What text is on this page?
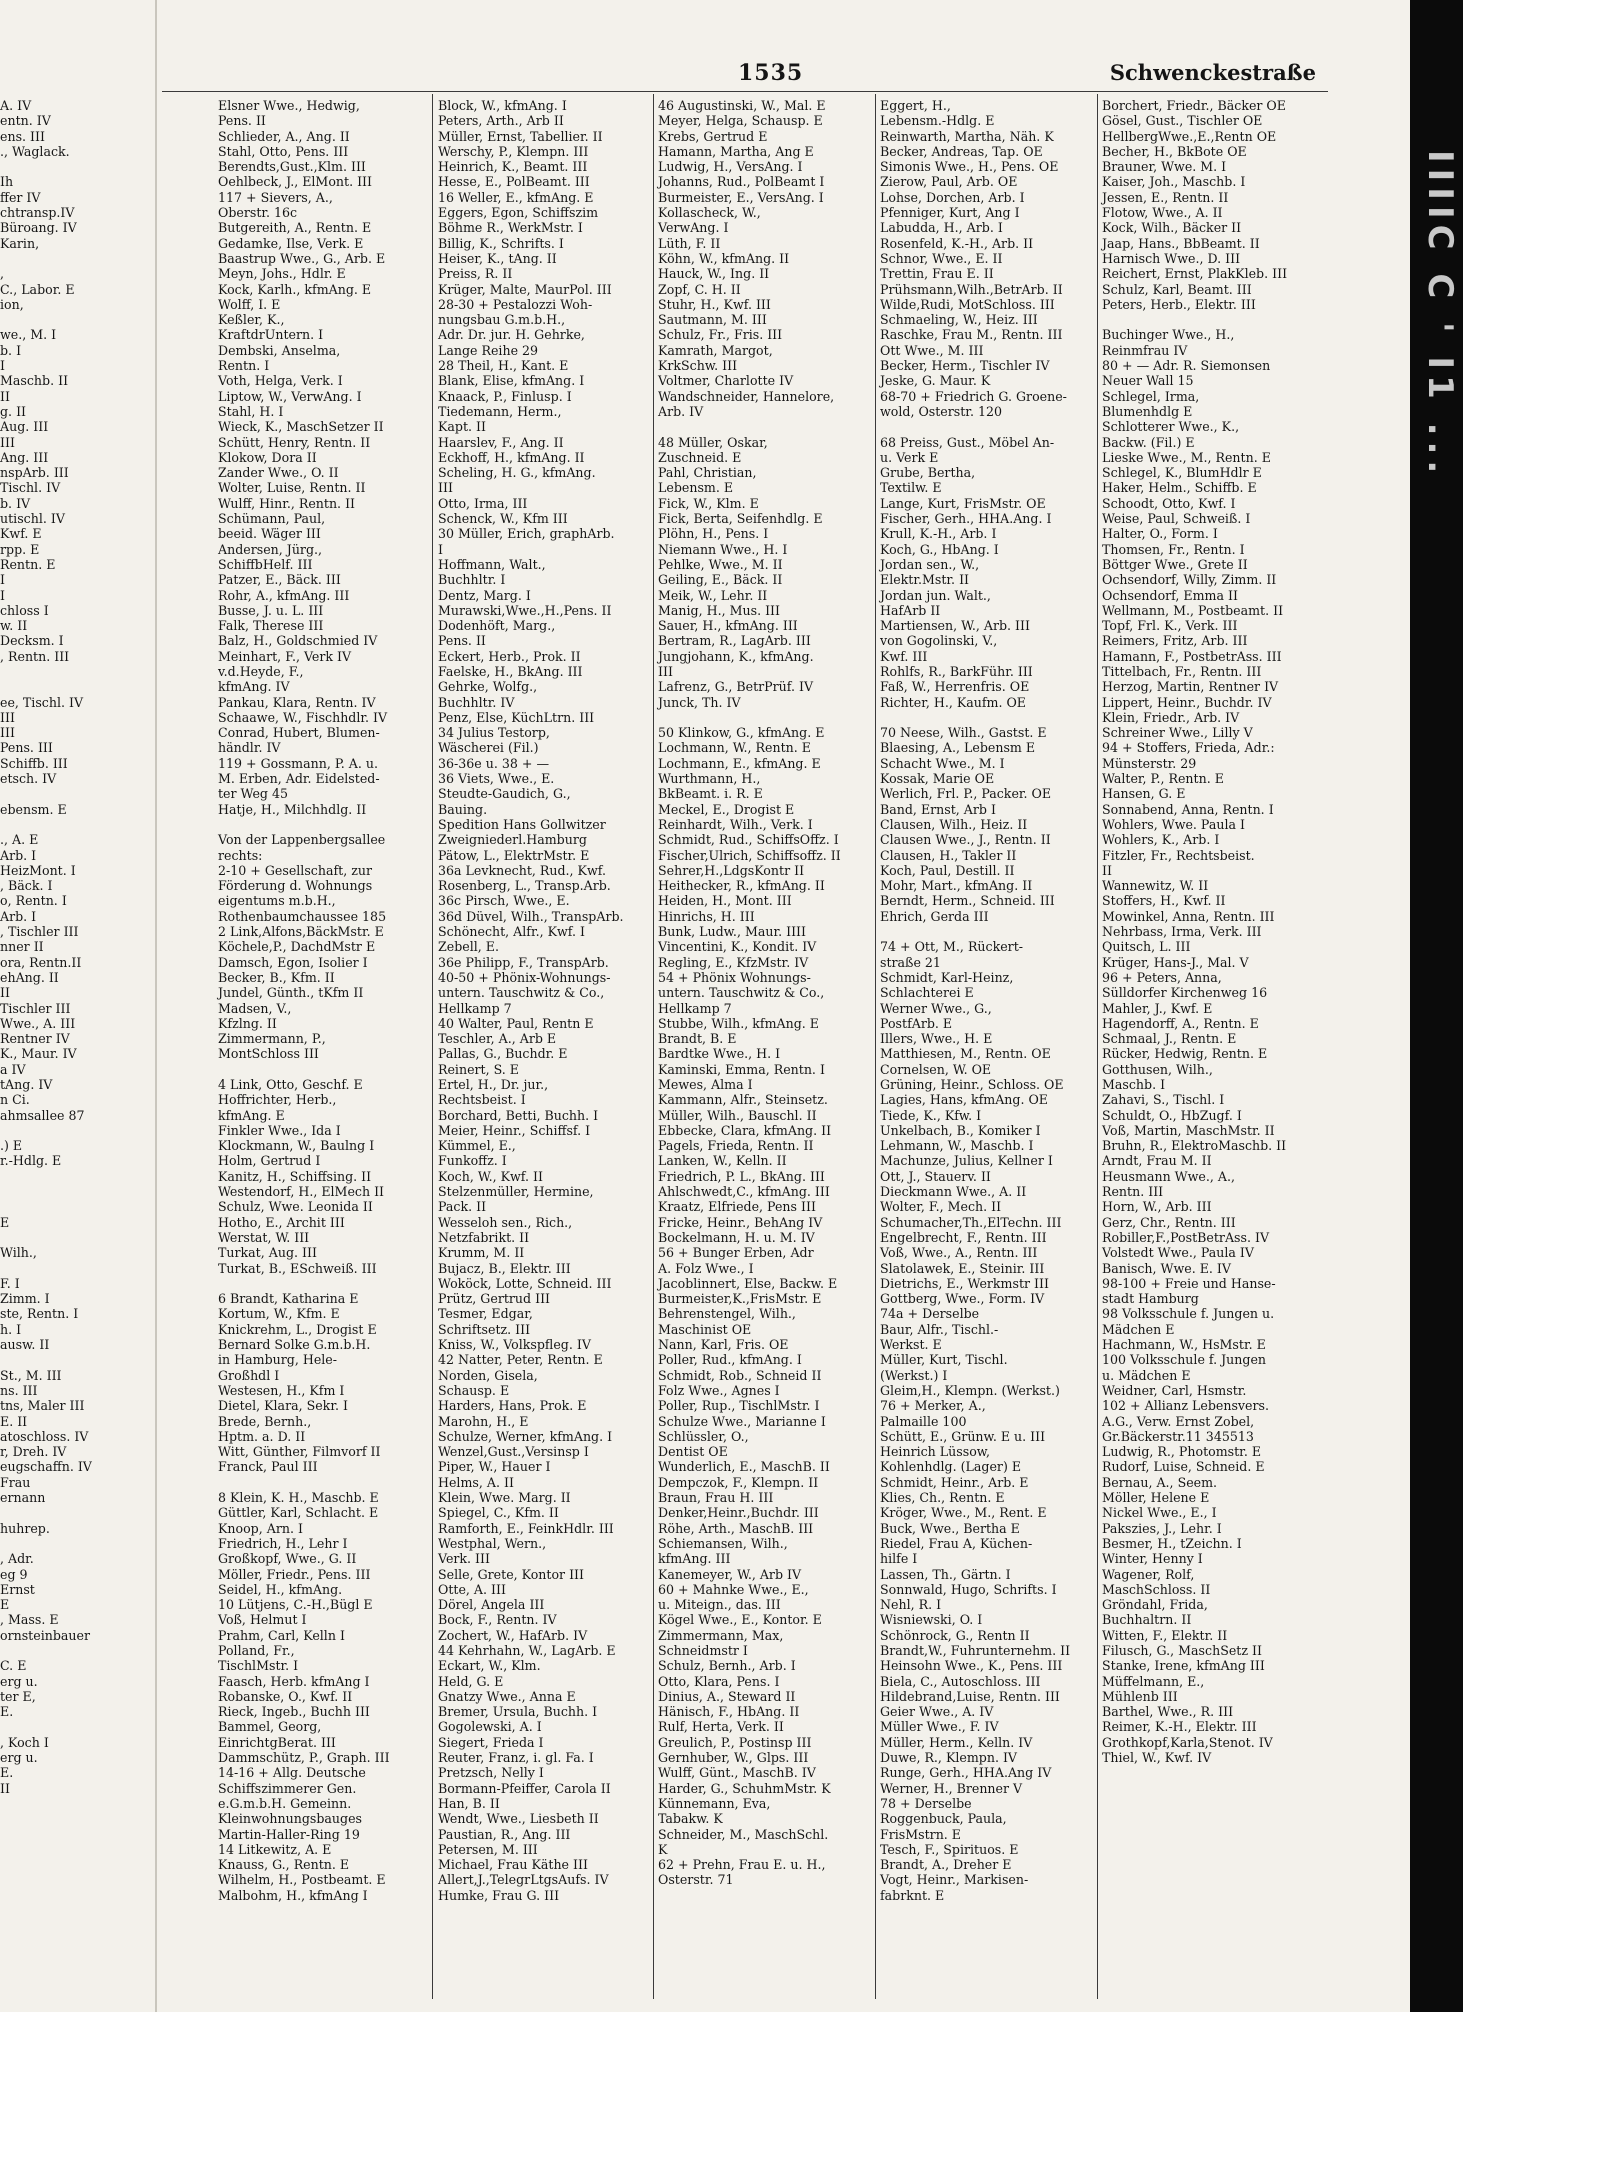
1535	Schwenckestraße
A. IV
entn. IV
ens. III
., Waglack.
Ih
ffer IV
chtransp.IV
Büroang. IV
Karin,
,
C., Labor. E
ion,
we., M. I
b. I
I
Maschb. II
II
g. II
Aug. III
III
Ang. III
nspArb. III
Tischl. IV
b. IV
utischl. IV
Kwf. E
rpp. E
Rentn. E
I
I
chloss I
w. II
Decksm. I
, Rentn. III
ee, Tischl. IV
III
III
Pens. III
Schiffb. III
etsch. IV
ebensm. E
., A. E
Arb. I
HeizMont. I
, Bäck. I
o, Rentn. I
Arb. I
, Tischler III
nner II
ora, Rentn.II
ehAng. II
II
Tischler III
Wwe., A. III
Rentner IV
K., Maur. IV
a IV
tAng. IV
n Ci.
ahmsallee 87
.) E
r.-Hdlg. E
E
Wilh.,
F. I
Zimm. I
ste, Rentn. I
h. I
ausw. II
St., M. III
ns. III
tns, Maler III
E. II
atoschloss. IV
r, Dreh. IV
eugschaffn. IV
Frau
ernann
huhrep.
, Adr.
eg 9
Ernst
E
, Mass. E
ornsteinbauer
C. E
erg u.
ter E,
E.
, Koch I
erg u.
E.
II
Elsner Wwe., Hedwig,
Pens. II
Schlieder, A., Ang. II
Stahl, Otto, Pens. III
Berendts,Gust.,Klm. III
Oehlbeck, J., ElMont. III
117 + Sievers, A.,
Oberstr. 16c
Butgereith, A., Rentn. E
Gedamke, Ilse, Verk. E
Baastrup Wwe., G., Arb. E
Meyn, Johs., Hdlr. E
Kock, Karlh., kfmAng. E
Wolff, I. E
Keßler, K.,
KraftdrUntern. I
Dembski, Anselma,
Rentn. I
Voth, Helga, Verk. I
Liptow, W., VerwAng. I
Stahl, H. I
Wieck, K., MaschSetzer II
Schütt, Henry, Rentn. II
Klokow, Dora II
Zander Wwe., O. II
Wolter, Luise, Rentn. II
Wulff, Hinr., Rentn. II
Schümann, Paul,
beeid. Wäger III
Andersen, Jürg.,
SchiffbHelf. III
Patzer, E., Bäck. III
Rohr, A., kfmAng. III
Busse, J. u. L. III
Falk, Therese III
Balz, H., Goldschmied IV
Meinhart, F., Verk IV
v.d.Heyde, F.,
kfmAng. IV
Pankau, Klara, Rentn. IV
Schaawe, W., Fischhdlr. IV
Conrad, Hubert, Blumen-
händlr. IV
119 + Gossmann, P. A. u.
M. Erben, Adr. Eidelsted-
ter Weg 45
Hatje, H., Milchhdlg. II
Von der Lappenbergsallee
rechts:
2-10 + Gesellschaft, zur
Förderung d. Wohnungs
eigentums m.b.H.,
Rothenbaumchaussee 185
2 Link,Alfons,BäckMstr. E
Köchele,P., DachdMstr E
Damsch, Egon, Isolier I
Becker, B., Kfm. II
Jundel, Günth., tKfm II
Madsen, V.,
Kfzlng. II
Zimmermann, P.,
MontSchloss III
4 Link, Otto, Geschf. E
Hoffrichter, Herb.,
kfmAng. E
Finkler Wwe., Ida I
Klockmann, W., Baulng I
Holm, Gertrud I
Kanitz, H., Schiffsing. II
Westendorf, H., ElMech II
Schulz, Wwe. Leonida II
Hotho, E., Archit III
Werstat, W. III
Turkat, Aug. III
Turkat, B., ESchweiß. III
6 Brandt, Katharina E
Kortum, W., Kfm. E
Knickrehm, L., Drogist E
Bernard Solke G.m.b.H.
in Hamburg, Hele-
Großhdl I
Westesen, H., Kfm I
Dietel, Klara, Sekr. I
Brede, Bernh.,
Hptm. a. D. II
Witt, Günther, Filmvorf II
Franck, Paul III
8 Klein, K. H., Maschb. E
Güttler, Karl, Schlacht. E
Knoop, Arn. I
Friedrich, H., Lehr I
Großkopf, Wwe., G. II
Möller, Friedr., Pens. III
Seidel, H., kfmAng.
10 Lütjens, C.-H.,Bügl E
Voß, Helmut I
Prahm, Carl, Kelln I
Polland, Fr.,
TischlMstr. I
Faasch, Herb. kfmAng I
Robanske, O., Kwf. II
Rieck, Ingeb., Buchh III
Bammel, Georg,
EinrichtgBerat. III
Dammschütz, P., Graph. III
14-16 + Allg. Deutsche
Schiffszimmerer Gen.
e.G.m.b.H. Gemeinn.
Kleinwohnungsbauges
Martin-Haller-Ring 19
14 Litkewitz, A. E
Knauss, G., Rentn. E
Wilhelm, H., Postbeamt. E
Malbohm, H., kfmAng I
Block, W., kfmAng. I
Peters, Arth., Arb II
Müller, Ernst, Tabellier. II
Werschy, P., Klempn. III
Heinrich, K., Beamt. III
Hesse, E., PolBeamt. III
16 Weller, E., kfmAng. E
Eggers, Egon, Schiffszim
Böhme R., WerkMstr. I
Billig, K., Schrifts. I
Heiser, K., tAng. II
Preiss, R. II
Krüger, Malte, MaurPol. III
28-30 + Pestalozzi Woh-
nungsbau G.m.b.H.,
Adr. Dr. jur. H. Gehrke,
Lange Reihe 29
28 Theil, H., Kant. E
Blank, Elise, kfmAng. I
Knaack, P., Finlusp. I
Tiedemann, Herm.,
Kapt. II
Haarslev, F., Ang. II
Eckhoff, H., kfmAng. II
Scheling, H. G., kfmAng.
III
Otto, Irma, III
Schenck, W., Kfm III
30 Müller, Erich, graphArb.
I
Hoffmann, Walt.,
Buchhltr. I
Dentz, Marg. I
Murawski,Wwe.,H.,Pens. II
Dodenhöft, Marg.,
Pens. II
Eckert, Herb., Prok. II
Faelske, H., BkAng. III
Gehrke, Wolfg.,
Buchhltr. IV
Penz, Else, KüchLtrn. III
34 Julius Testorp,
Wäscherei (Fil.)
36-36e u. 38 + —
36 Viets, Wwe., E.
Steudte-Gaudich, G.,
Bauing.
Spedition Hans Gollwitzer
Zweigniederl.Hamburg
Pätow, L., ElektrMstr. E
36a Levknecht, Rud., Kwf.
Rosenberg, L., Transp.Arb.
36c Pirsch, Wwe., E.
36d Düvel, Wilh., TranspArb.
Schönecht, Alfr., Kwf. I
Zebell, E.
36e Philipp, F., TranspArb.
40-50 + Phönix-Wohnungs-
untern. Tauschwitz & Co.,
Hellkamp 7
40 Walter, Paul, Rentn E
Teschler, A., Arb E
Pallas, G., Buchdr. E
Reinert, S. E
Ertel, H., Dr. jur.,
Rechtsbeist. I
Borchard, Betti, Buchh. I
Meier, Heinr., Schiffsf. I
Kümmel, E.,
Funkoffz. I
Koch, W., Kwf. II
Stelzenmüller, Hermine,
Pack. II
Wesseloh sen., Rich.,
Netzfabrikt. II
Krumm, M. II
Bujacz, B., Elektr. III
Woköck, Lotte, Schneid. III
Prütz, Gertrud III
Tesmer, Edgar,
Schriftsetz. III
Kniss, W., Volkspfleg. IV
42 Natter, Peter, Rentn. E
Norden, Gisela,
Schausp. E
Harders, Hans, Prok. E
Marohn, H., E
Schulze, Werner, kfmAng. I
Wenzel,Gust.,Versinsp I
Piper, W., Hauer I
Helms, A. II
Klein, Wwe. Marg. II
Spiegel, C., Kfm. II
Ramforth, E., FeinkHdlr. III
Westphal, Wern.,
Verk. III
Selle, Grete, Kontor III
Otte, A. III
Dörel, Angela III
Bock, F., Rentn. IV
Zochert, W., HafArb. IV
44 Kehrhahn, W., LagArb. E
Eckart, W., Klm.
Held, G. E
Gnatzy Wwe., Anna E
Bremer, Ursula, Buchh. I
Gogolewski, A. I
Siegert, Frieda I
Reuter, Franz, i. gl. Fa. I
Pretzsch, Nelly I
Bormann-Pfeiffer, Carola II
Han, B. II
Wendt, Wwe., Liesbeth II
Paustian, R., Ang. III
Petersen, M. III
Michael, Frau Käthe III
Allert,J.,TelegrLtgsAufs. IV
Humke, Frau G. III
46 Augustinski, W., Mal. E
Meyer, Helga, Schausp. E
Krebs, Gertrud E
Hamann, Martha, Ang E
Ludwig, H., VersAng. I
Johanns, Rud., PolBeamt I
Burmeister, E., VersAng. I
Kollascheck, W.,
VerwAng. I
Lüth, F. II
Köhn, W., kfmAng. II
Hauck, W., Ing. II
Zopf, C. H. II
Stuhr, H., Kwf. III
Sautmann, M. III
Schulz, Fr., Fris. III
Kamrath, Margot,
KrkSchw. III
Voltmer, Charlotte IV
Wandschneider, Hannelore,
Arb. IV
48 Müller, Oskar,
Zuschneid. E
Pahl, Christian,
Lebensm. E
Fick, W., Klm. E
Fick, Berta, Seifenhdlg. E
Plöhn, H., Pens. I
Niemann Wwe., H. I
Pehlke, Wwe., M. II
Geiling, E., Bäck. II
Meik, W., Lehr. II
Manig, H., Mus. III
Sauer, H., kfmAng. III
Bertram, R., LagArb. III
Jungjohann, K., kfmAng.
III
Lafrenz, G., BetrPrüf. IV
Junck, Th. IV
50 Klinkow, G., kfmAng. E
Lochmann, W., Rentn. E
Lochmann, E., kfmAng. E
Wurthmann, H.,
BkBeamt. i. R. E
Meckel, E., Drogist E
Reinhardt, Wilh., Verk. I
Schmidt, Rud., SchiffsOffz. I
Fischer,Ulrich, Schiffsoffz. II
Sehrer,H.,LdgsKontr II
Heithecker, R., kfmAng. II
Heiden, H., Mont. III
Hinrichs, H. III
Bunk, Ludw., Maur. IIII
Vincentini, K., Kondit. IV
Regling, E., KfzMstr. IV
54 + Phönix Wohnungs-
untern. Tauschwitz & Co.,
Hellkamp 7
Stubbe, Wilh., kfmAng. E
Brandt, B. E
Bardtke Wwe., H. I
Kaminski, Emma, Rentn. I
Mewes, Alma I
Kammann, Alfr., Steinsetz.
Müller, Wilh., Bauschl. II
Ebbecke, Clara, kfmAng. II
Pagels, Frieda, Rentn. II
Lanken, W., Kelln. II
Friedrich, P. L., BkAng. III
Ahlschwedt,C., kfmAng. III
Kraatz, Elfriede, Pens III
Fricke, Heinr., BehAng IV
Bockelmann, H. u. M. IV
56 + Bunger Erben, Adr
A. Folz Wwe., I
Jacoblinnert, Else, Backw. E
Burmeister,K.,FrisMstr. E
Behrenstengel, Wilh.,
Maschinist OE
Nann, Karl, Fris. OE
Poller, Rud., kfmAng. I
Schmidt, Rob., Schneid II
Folz Wwe., Agnes I
Poller, Rup., TischlMstr. I
Schulze Wwe., Marianne I
Schlüssler, O.,
Dentist OE
Wunderlich, E., MaschB. II
Dempczok, F., Klempn. II
Braun, Frau H. III
Denker,Heinr.,Buchdr. III
Röhe, Arth., MaschB. III
Schiemansen, Wilh.,
kfmAng. III
Kanemeyer, W., Arb IV
60 + Mahnke Wwe., E.,
u. Miteign., das. III
Kögel Wwe., E., Kontor. E
Zimmermann, Max,
Schneidmstr I
Schulz, Bernh., Arb. I
Otto, Klara, Pens. I
Dinius, A., Steward II
Hänisch, F., HbAng. II
Rulf, Herta, Verk. II
Greulich, P., Postinsp III
Gernhuber, W., Glps. III
Wulff, Günt., MaschB. IV
Harder, G., SchuhmMstr. K
Künnemann, Eva,
Tabakw. K
Schneider, M., MaschSchl.
K
62 + Prehn, Frau E. u. H.,
Osterstr. 71
Eggert, H.,
Lebensm.-Hdlg. E
Reinwarth, Martha, Näh. K
Becker, Andreas, Tap. OE
Simonis Wwe., H., Pens. OE
Zierow, Paul, Arb. OE
Lohse, Dorchen, Arb. I
Pfenniger, Kurt, Ang I
Labudda, H., Arb. I
Rosenfeld, K.-H., Arb. II
Schnor, Wwe., E. II
Trettin, Frau E. II
Prühsmann,Wilh.,BetrArb. II
Wilde,Rudi, MotSchloss. III
Schmaeling, W., Heiz. III
Raschke, Frau M., Rentn. III
Ott Wwe., M. III
Becker, Herm., Tischler IV
Jeske, G. Maur. K
68-70 + Friedrich G. Groene-
wold, Osterstr. 120
68 Preiss, Gust., Möbel An-
u. Verk E
Grube, Bertha,
Textilw. E
Lange, Kurt, FrisMstr. OE
Fischer, Gerh., HHA.Ang. I
Krull, K.-H., Arb. I
Koch, G., HbAng. I
Jordan sen., W.,
Elektr.Mstr. II
Jordan jun. Walt.,
HafArb II
Martiensen, W., Arb. III
von Gogolinski, V.,
Kwf. III
Rohlfs, R., BarkFühr. III
Faß, W., Herrenfris. OE
Richter, H., Kaufm. OE
70 Neese, Wilh., Gastst. E
Blaesing, A., Lebensm E
Schacht Wwe., M. I
Kossak, Marie OE
Werlich, Frl. P., Packer. OE
Band, Ernst, Arb I
Clausen, Wilh., Heiz. II
Clausen Wwe., J., Rentn. II
Clausen, H., Takler II
Koch, Paul, Destill. II
Mohr, Mart., kfmAng. II
Berndt, Herm., Schneid. III
Ehrich, Gerda III
74 + Ott, M., Rückert-
straße 21
Schmidt, Karl-Heinz,
Schlachterei E
Werner Wwe., G.,
PostfArb. E
Illers, Wwe., H. E
Matthiesen, M., Rentn. OE
Cornelsen, W. OE
Grüning, Heinr., Schloss. OE
Lagies, Hans, kfmAng. OE
Tiede, K., Kfw. I
Unkelbach, B., Komiker I
Lehmann, W., Maschb. I
Machunze, Julius, Kellner I
Ott, J., Stauerv. II
Dieckmann Wwe., A. II
Wolter, F., Mech. II
Schumacher,Th.,ElTechn. III
Engelbrecht, F., Rentn. III
Voß, Wwe., A., Rentn. III
Slatolawek, E., Steinir. III
Dietrichs, E., Werkmstr III
Gottberg, Wwe., Form. IV
74a + Derselbe
Baur, Alfr., Tischl.-
Werkst. E
Müller, Kurt, Tischl.
(Werkst.) I
Gleim,H., Klempn. (Werkst.)
76 + Merker, A.,
Palmaille 100
Schütt, E., Grünw. E u. III
Heinrich Lüssow,
Kohlenhdlg. (Lager) E
Schmidt, Heinr., Arb. E
Klies, Ch., Rentn. E
Kröger, Wwe., M., Rent. E
Buck, Wwe., Bertha E
Riedel, Frau A, Küchen-
hilfe I
Lassen, Th., Gärtn. I
Sonnwald, Hugo, Schrifts. I
Nehl, R. I
Wisniewski, O. I
Schönrock, G., Rentn II
Brandt,W., Fuhrunternehm. II
Heinsohn Wwe., K., Pens. III
Biela, C., Autoschloss. III
Hildebrand,Luise, Rentn. III
Geier Wwe., A. IV
Müller Wwe., F. IV
Müller, Herm., Kelln. IV
Duwe, R., Klempn. IV
Runge, Gerh., HHA.Ang IV
Werner, H., Brenner V
78 + Derselbe
Roggenbuck, Paula,
FrisMstrn. E
Tesch, F., Spirituos. E
Brandt, A., Dreher E
Vogt, Heinr., Markisen-
fabrknt. E
Borchert, Friedr., Bäcker OE
Gösel, Gust., Tischler OE
HellbergWwe.,E.,Rentn OE
Becher, H., BkBote OE
Brauner, Wwe. M. I
Kaiser, Joh., Maschb. I
Jessen, E., Rentn. II
Flotow, Wwe., A. II
Kock, Wilh., Bäcker II
Jaap, Hans., BbBeamt. II
Harnisch Wwe., D. III
Reichert, Ernst, PlakKleb. III
Schulz, Karl, Beamt. III
Peters, Herb., Elektr. III
Buchinger Wwe., H.,
Reinmfrau IV
80 + — Adr. R. Siemonsen
Neuer Wall 15
Schlegel, Irma,
Blumenhdlg E
Schlotterer Wwe., K.,
Backw. (Fil.) E
Lieske Wwe., M., Rentn. E
Schlegel, K., BlumHdlr E
Haker, Helm., Schiffb. E
Schoodt, Otto, Kwf. I
Weise, Paul, Schweiß. I
Halter, O., Form. I
Thomsen, Fr., Rentn. I
Böttger Wwe., Grete II
Ochsendorf, Willy, Zimm. II
Ochsendorf, Emma II
Wellmann, M., Postbeamt. II
Topf, Frl. K., Verk. III
Reimers, Fritz, Arb. III
Hamann, F., PostbetrAss. III
Tittelbach, Fr., Rentn. III
Herzog, Martin, Rentner IV
Lippert, Heinr., Buchdr. IV
Klein, Friedr., Arb. IV
Schreiner Wwe., Lilly V
94 + Stoffers, Frieda, Adr.:
Münsterstr. 29
Walter, P., Rentn. E
Hansen, G. E
Sonnabend, Anna, Rentn. I
Wohlers, Wwe. Paula I
Wohlers, K., Arb. I
Fitzler, Fr., Rechtsbeist.
II
Wannewitz, W. II
Stoffers, H., Kwf. II
Mowinkel, Anna, Rentn. III
Nehrbass, Irma, Verk. III
Quitsch, L. III
Krüger, Hans-J., Mal. V
96 + Peters, Anna,
Sülldorfer Kirchenweg 16
Mahler, J., Kwf. E
Hagendorff, A., Rentn. E
Schmaal, J., Rentn. E
Rücker, Hedwig, Rentn. E
Gotthusen, Wilh.,
Maschb. I
Zahavi, S., Tischl. I
Schuldt, O., HbZugf. I
Voß, Martin, MaschMstr. II
Bruhn, R., ElektroMaschb. II
Arndt, Frau M. II
Heusmann Wwe., A.,
Rentn. III
Horn, W., Arb. III
Gerz, Chr., Rentn. III
Robiller,F.,PostBetrAss. IV
Volstedt Wwe., Paula IV
Banisch, Wwe. E. IV
98-100 + Freie und Hanse-
stadt Hamburg
98 Volksschule f. Jungen u.
Mädchen E
Hachmann, W., HsMstr. E
100 Volksschule f. Jungen
u. Mädchen E
Weidner, Carl, Hsmstr.
102 + Allianz Lebensvers.
A.G., Verw. Ernst Zobel,
Gr.Bäckerstr.11 345513
Ludwig, R., Photomstr. E
Rudorf, Luise, Schneid. E
Bernau, A., Seem.
Möller, Helene E
Nickel Wwe., E., I
Pakszies, J., Lehr. I
Besmer, H., tZeichn. I
Winter, Henny I
Wagener, Rolf,
MaschSchloss. II
Gröndahl, Frida,
Buchhaltrn. II
Witten, F., Elektr. II
Filusch, G., MaschSetz II
Stanke, Irene, kfmAng III
Müffelmann, E.,
Mühlenb III
Barthel, Wwe., R. III
Reimer, K.-H., Elektr. III
Grothkopf,Karla,Stenot. IV
Thiel, W., Kwf. IV
IIIIC C ' I1 ...
